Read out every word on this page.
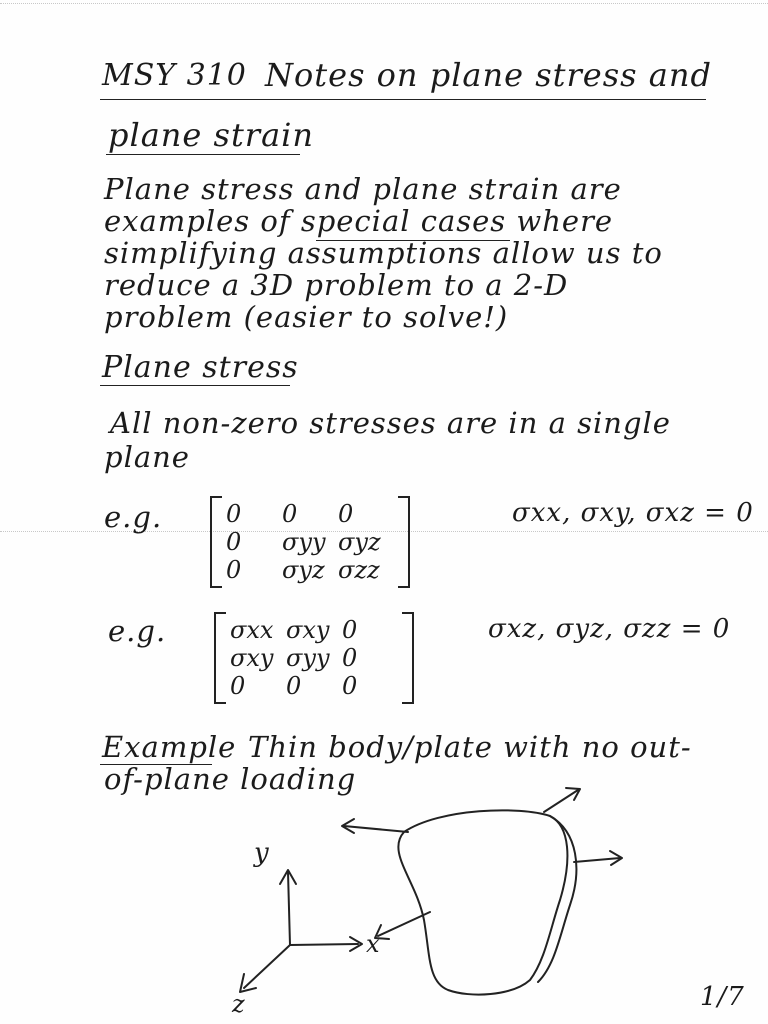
MSY 310 Notes on plane stress and
plane strain
Plane stress and plane strain are
examples of special cases where
simplifying assumptions allow us to
reduce a 3D problem to a 2-D
problem (easier to solve!)
Plane stress
All non-zero stresses are in a single
plane
e.g.	0	0	0
0	σyy σyz
0	σyz σzz
σxx, σxy, σxz = 0
e.g.	σxx σxy 0
σxy σyy 0
0	0	0
σxz, σyz, σzz = 0
Example Thin body/plate with no out-
of-plane loading
y
x
z	1/7
